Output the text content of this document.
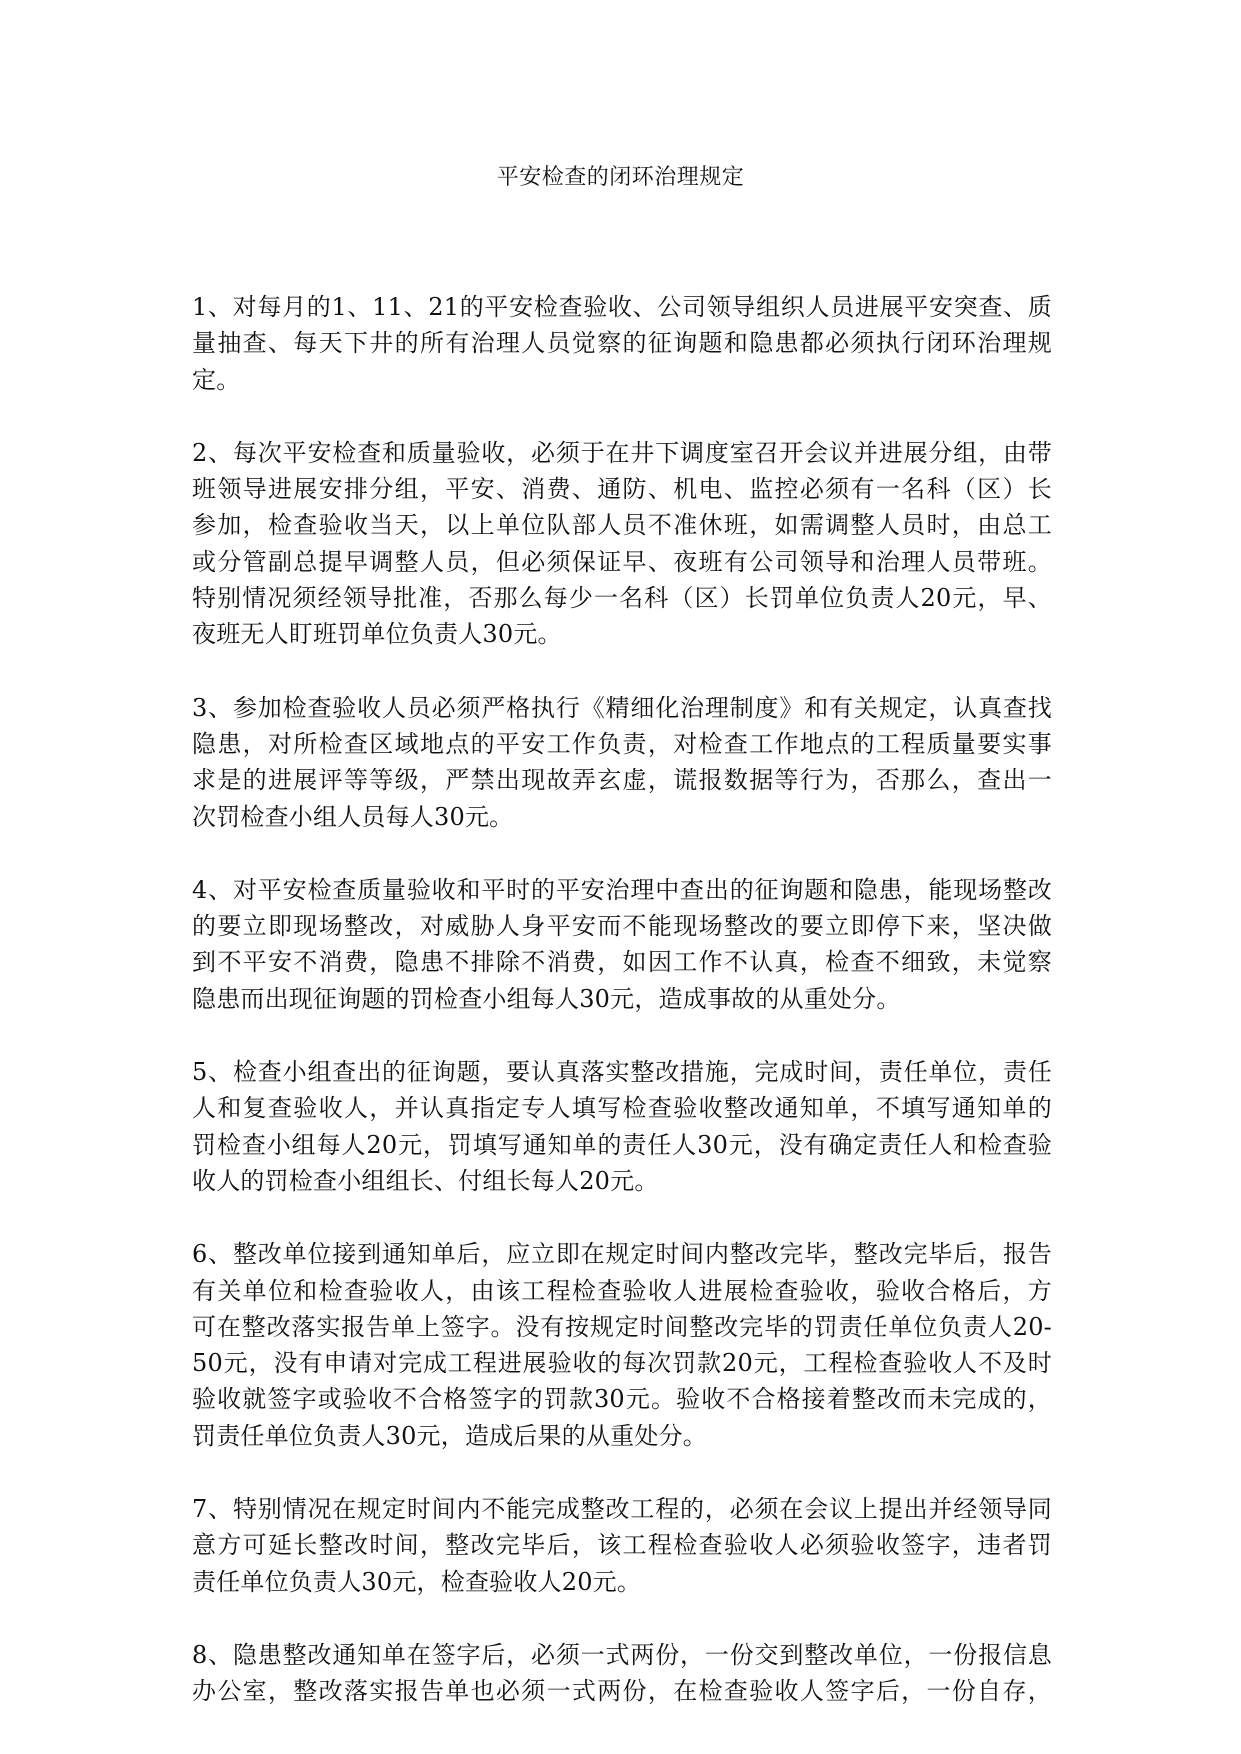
平安检查的闭环治理规定

1、对每月的1、11、21的平安检查验收、公司领导组织人员进展平安突查、质
量抽查、每天下井的所有治理人员觉察的征询题和隐患都必须执行闭环治理规
定。

2、每次平安检查和质量验收，必须于在井下调度室召开会议并进展分组，由带
班领导进展安排分组，平安、消费、通防、机电、监控必须有一名科（区）长
参加，检查验收当天，以上单位队部人员不准休班，如需调整人员时，由总工
或分管副总提早调整人员，但必须保证早、夜班有公司领导和治理人员带班。
特别情况须经领导批准，否那么每少一名科（区）长罚单位负责人20元，早、
夜班无人盯班罚单位负责人30元。

3、参加检查验收人员必须严格执行《精细化治理制度》和有关规定，认真查找
隐患，对所检查区域地点的平安工作负责，对检查工作地点的工程质量要实事
求是的进展评等等级，严禁出现故弄玄虚，谎报数据等行为，否那么，查出一
次罚检查小组人员每人30元。

4、对平安检查质量验收和平时的平安治理中查出的征询题和隐患，能现场整改
的要立即现场整改，对威胁人身平安而不能现场整改的要立即停下来，坚决做
到不平安不消费，隐患不排除不消费，如因工作不认真，检查不细致，未觉察
隐患而出现征询题的罚检查小组每人30元，造成事故的从重处分。

5、检查小组查出的征询题，要认真落实整改措施，完成时间，责任单位，责任
人和复查验收人，并认真指定专人填写检查验收整改通知单，不填写通知单的
罚检查小组每人20元，罚填写通知单的责任人30元，没有确定责任人和检查验
收人的罚检查小组组长、付组长每人20元。

6、整改单位接到通知单后，应立即在规定时间内整改完毕，整改完毕后，报告
有关单位和检查验收人，由该工程检查验收人进展检查验收，验收合格后，方
可在整改落实报告单上签字。没有按规定时间整改完毕的罚责任单位负责人20-
50元，没有申请对完成工程进展验收的每次罚款20元，工程检查验收人不及时
验收就签字或验收不合格签字的罚款30元。验收不合格接着整改而未完成的，
罚责任单位负责人30元，造成后果的从重处分。

7、特别情况在规定时间内不能完成整改工程的，必须在会议上提出并经领导同
意方可延长整改时间，整改完毕后，该工程检查验收人必须验收签字，违者罚
责任单位负责人30元，检查验收人20元。

8、隐患整改通知单在签字后，必须一式两份，一份交到整改单位，一份报信息
办公室，整改落实报告单也必须一式两份，在检查验收人签字后，一份自存，
